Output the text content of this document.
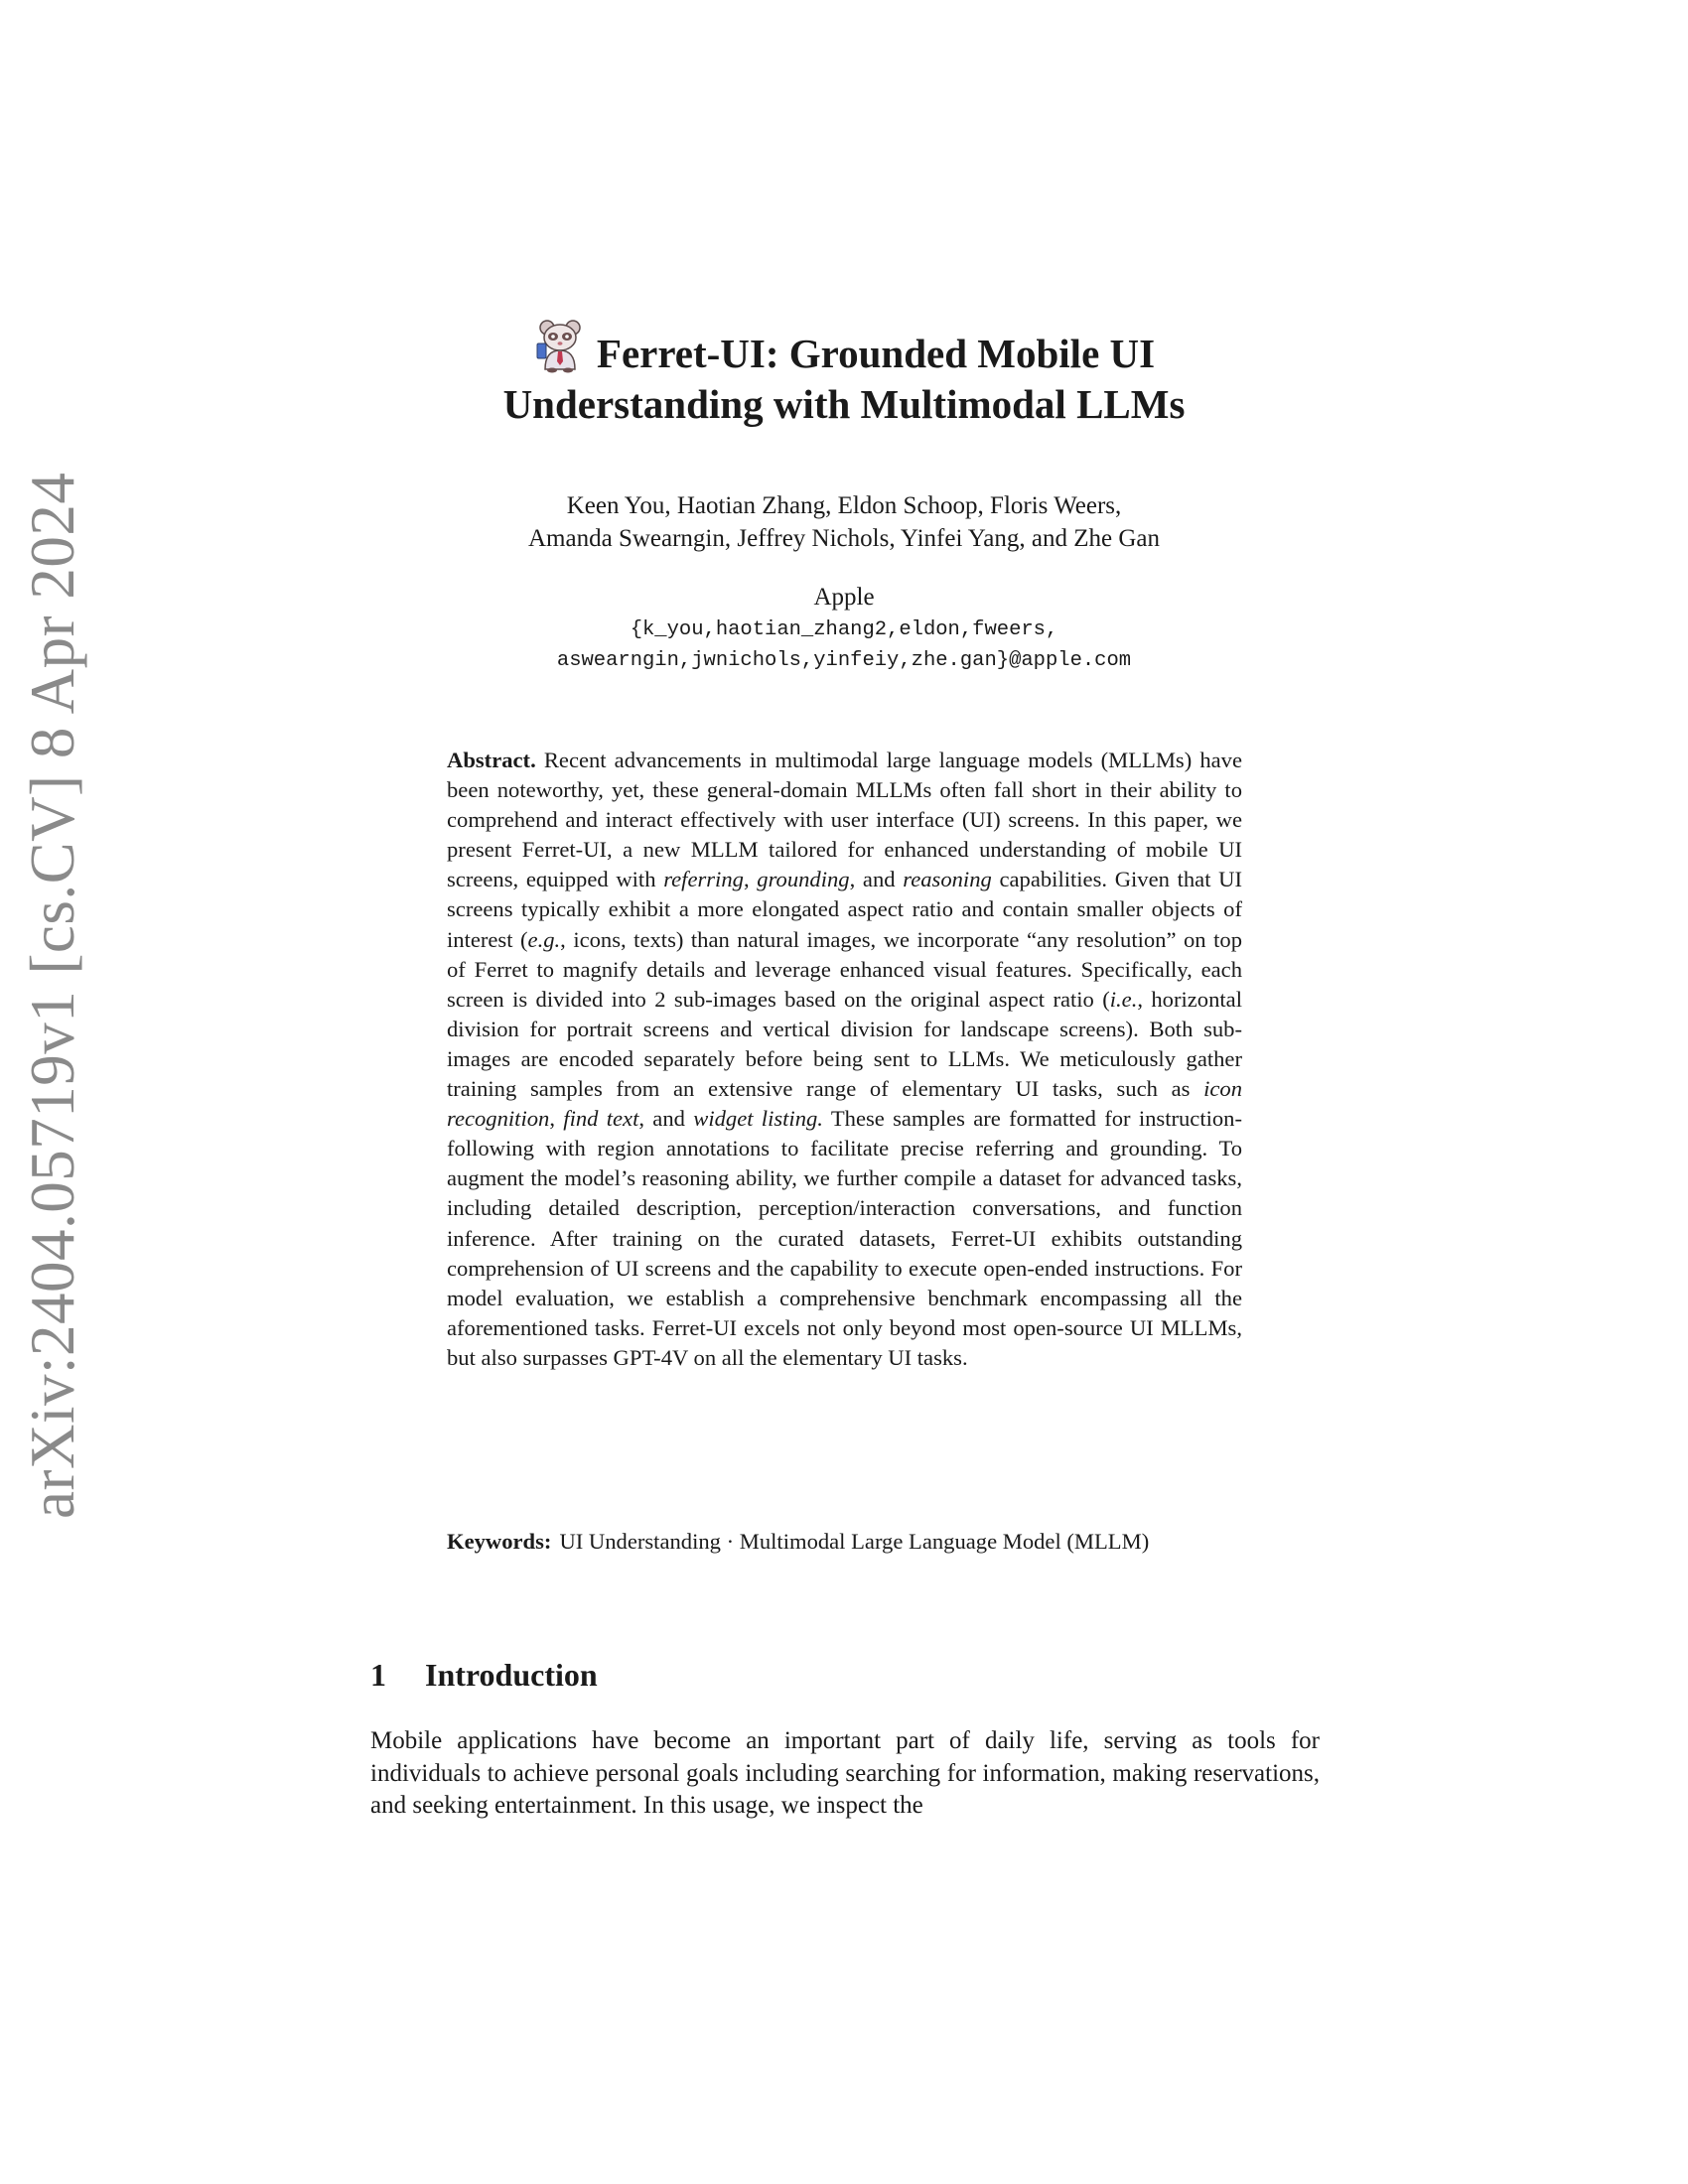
arXiv:2404.05719v1 [cs.CV] 8 Apr 2024
Ferret-UI: Grounded Mobile UI
Understanding with Multimodal LLMs
Keen You, Haotian Zhang, Eldon Schoop, Floris Weers,
Amanda Swearngin, Jeffrey Nichols, Yinfei Yang, and Zhe Gan
Apple
{k_you,haotian_zhang2,eldon,fweers,
aswearngin,jwnichols,yinfeiy,zhe.gan}@apple.com
Abstract. Recent advancements in multimodal large language models (MLLMs) have been noteworthy, yet, these general-domain MLLMs often fall short in their ability to comprehend and interact effectively with user interface (UI) screens. In this paper, we present Ferret-UI, a new MLLM tailored for enhanced understanding of mobile UI screens, equipped with referring, grounding, and reasoning capabilities. Given that UI screens typically exhibit a more elongated aspect ratio and contain smaller objects of interest (e.g., icons, texts) than natural images, we incorporate “any resolution” on top of Ferret to magnify details and leverage enhanced visual features. Specifically, each screen is divided into 2 sub-images based on the original aspect ratio (i.e., horizontal division for portrait screens and vertical division for landscape screens). Both sub-images are encoded separately before being sent to LLMs. We meticulously gather training samples from an extensive range of elementary UI tasks, such as icon recognition, find text, and widget listing. These samples are formatted for instruction-following with region annotations to facilitate precise referring and grounding. To augment the model’s reasoning ability, we further compile a dataset for advanced tasks, including detailed description, perception/interaction conversations, and function inference. After training on the curated datasets, Ferret-UI exhibits outstanding comprehension of UI screens and the capability to execute open-ended instructions. For model evaluation, we establish a comprehensive benchmark encompassing all the aforementioned tasks. Ferret-UI excels not only beyond most open-source UI MLLMs, but also surpasses GPT-4V on all the elementary UI tasks.
Keywords: UI Understanding · Multimodal Large Language Model (MLLM)
1 Introduction
Mobile applications have become an important part of daily life, serving as tools for individuals to achieve personal goals including searching for information, making reservations, and seeking entertainment. In this usage, we inspect the
